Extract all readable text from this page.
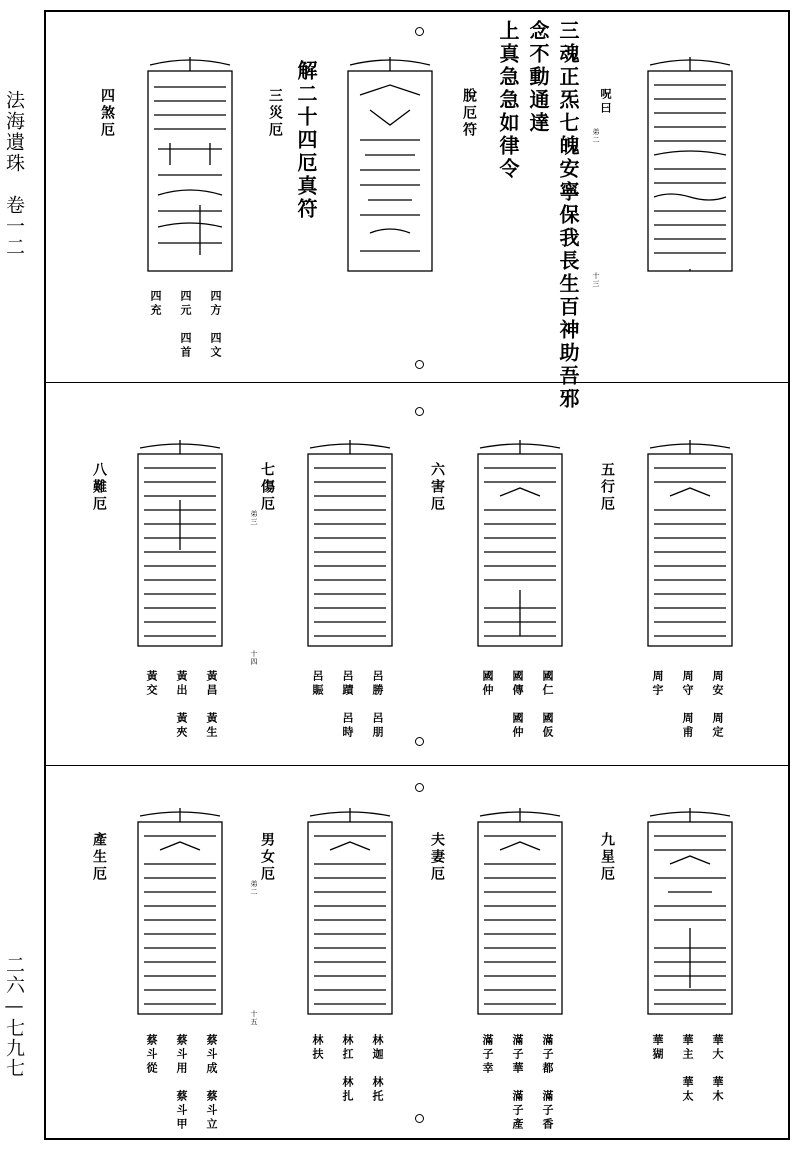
法海遺珠　卷一二
二六—七九七
呪曰
三魂正炁七魄安寧保我長生百神助吾邪 弟二
十三
念不動通達
上真急急如律令
脫厄符
解二十四厄真符
三災厄
四煞厄
四方　四文
四元　四首
四充
五行厄
六害厄
七傷厄
弟三
十四
八難厄
周安　周定
周守　周甫
周宇
國仁　國仮
國傳　國仲
國仲
呂勝　呂朋
呂蹟　呂時
呂賑
黃昌　黃生
黃出　黃夾
黃交
九星厄
夫妻厄
男女厄
弟二
十五
產生厄
華大　華木
華主　華太
華猢
滿子都　滿子香
滿子華　滿子產
滿子幸
林迦　林托
林扛　林扎
林扶
蔡斗成　蔡斗立
蔡斗用　蔡斗甲
蔡斗從
